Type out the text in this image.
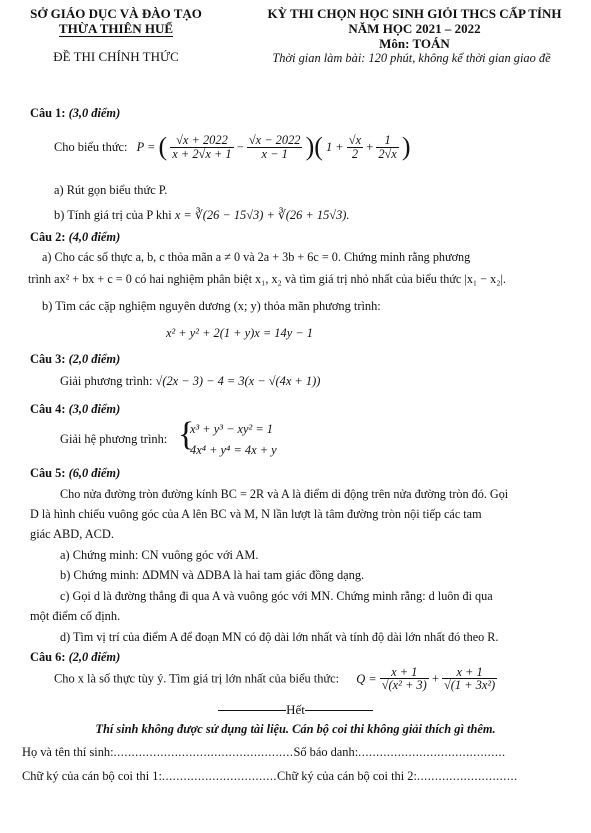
SỞ GIÁO DỤC VÀ ĐÀO TẠO
THỪA THIÊN HUẾ
ĐỀ THI CHÍNH THỨC
KỲ THI CHỌN HỌC SINH GIỎI THCS CẤP TỈNH
NĂM HỌC 2021 – 2022
Môn: TOÁN
Thời gian làm bài: 120 phút, không kể thời gian giao đề
Câu 1: (3,0 điểm)
Cho biểu thức: P = ( $\frac{√x + 2022}{x + 2√x + 1} - \frac{√x - 2022}{x - 1}$ )( $1 + \frac{√x}{2} + \frac{1}{2√x}$ )
a) Rút gọn biểu thức P.
b) Tính giá trị của P khi x = ∛(26 − 15√3) + ∛(26 + 15√3).
Câu 2: (4,0 điểm)
a) Cho các số thực a, b, c thỏa mãn a ≠ 0 và 2a + 3b + 6c = 0. Chứng minh rằng phương
trình ax² + bx + c = 0 có hai nghiệm phân biệt x₁, x₂ và tìm giá trị nhỏ nhất của biểu thức |x₁ − x₂|.
b) Tìm các cặp nghiệm nguyên dương (x; y) thỏa mãn phương trình:
x² + y² + 2(1 + y)x = 14y − 1
Câu 3: (2,0 điểm)
Giải phương trình: √(2x − 3) − 4 = 3(x − √(4x + 1))
Câu 4: (3,0 điểm)
Giải hệ phương trình: {
x³ + y³ − xy² = 1
4x⁴ + y⁴ = 4x + y
Câu 5: (6,0 điểm)
Cho nửa đường tròn đường kính BC = 2R và A là điểm di động trên nửa đường tròn đó. Gọi
D là hình chiếu vuông góc của A lên BC và M, N lần lượt là tâm đường tròn nội tiếp các tam
giác ABD, ACD.
a) Chứng minh: CN vuông góc với AM.
b) Chứng minh: ΔDMN và ΔDBA là hai tam giác đồng dạng.
c) Gọi d là đường thẳng đi qua A và vuông góc với MN. Chứng minh rằng: d luôn đi qua
một điểm cố định.
d) Tìm vị trí của điểm A để đoạn MN có độ dài lớn nhất và tính độ dài lớn nhất đó theo R.
Câu 6: (2,0 điểm)
Cho x là số thực tùy ý. Tìm giá trị lớn nhất của biểu thức: $Q = \frac{x + 1}{\text{√(x² + 3)}} + \frac{x + 1}{\text{√(1 + 3x²)}}$
Hết
Thí sinh không được sử dụng tài liệu. Cán bộ coi thi không giải thích gì thêm.
Họ và tên thí sinh:..................................................Số báo danh:.........................................
Chữ ký của cán bộ coi thi 1:................................Chữ ký của cán bộ coi thi 2:............................
